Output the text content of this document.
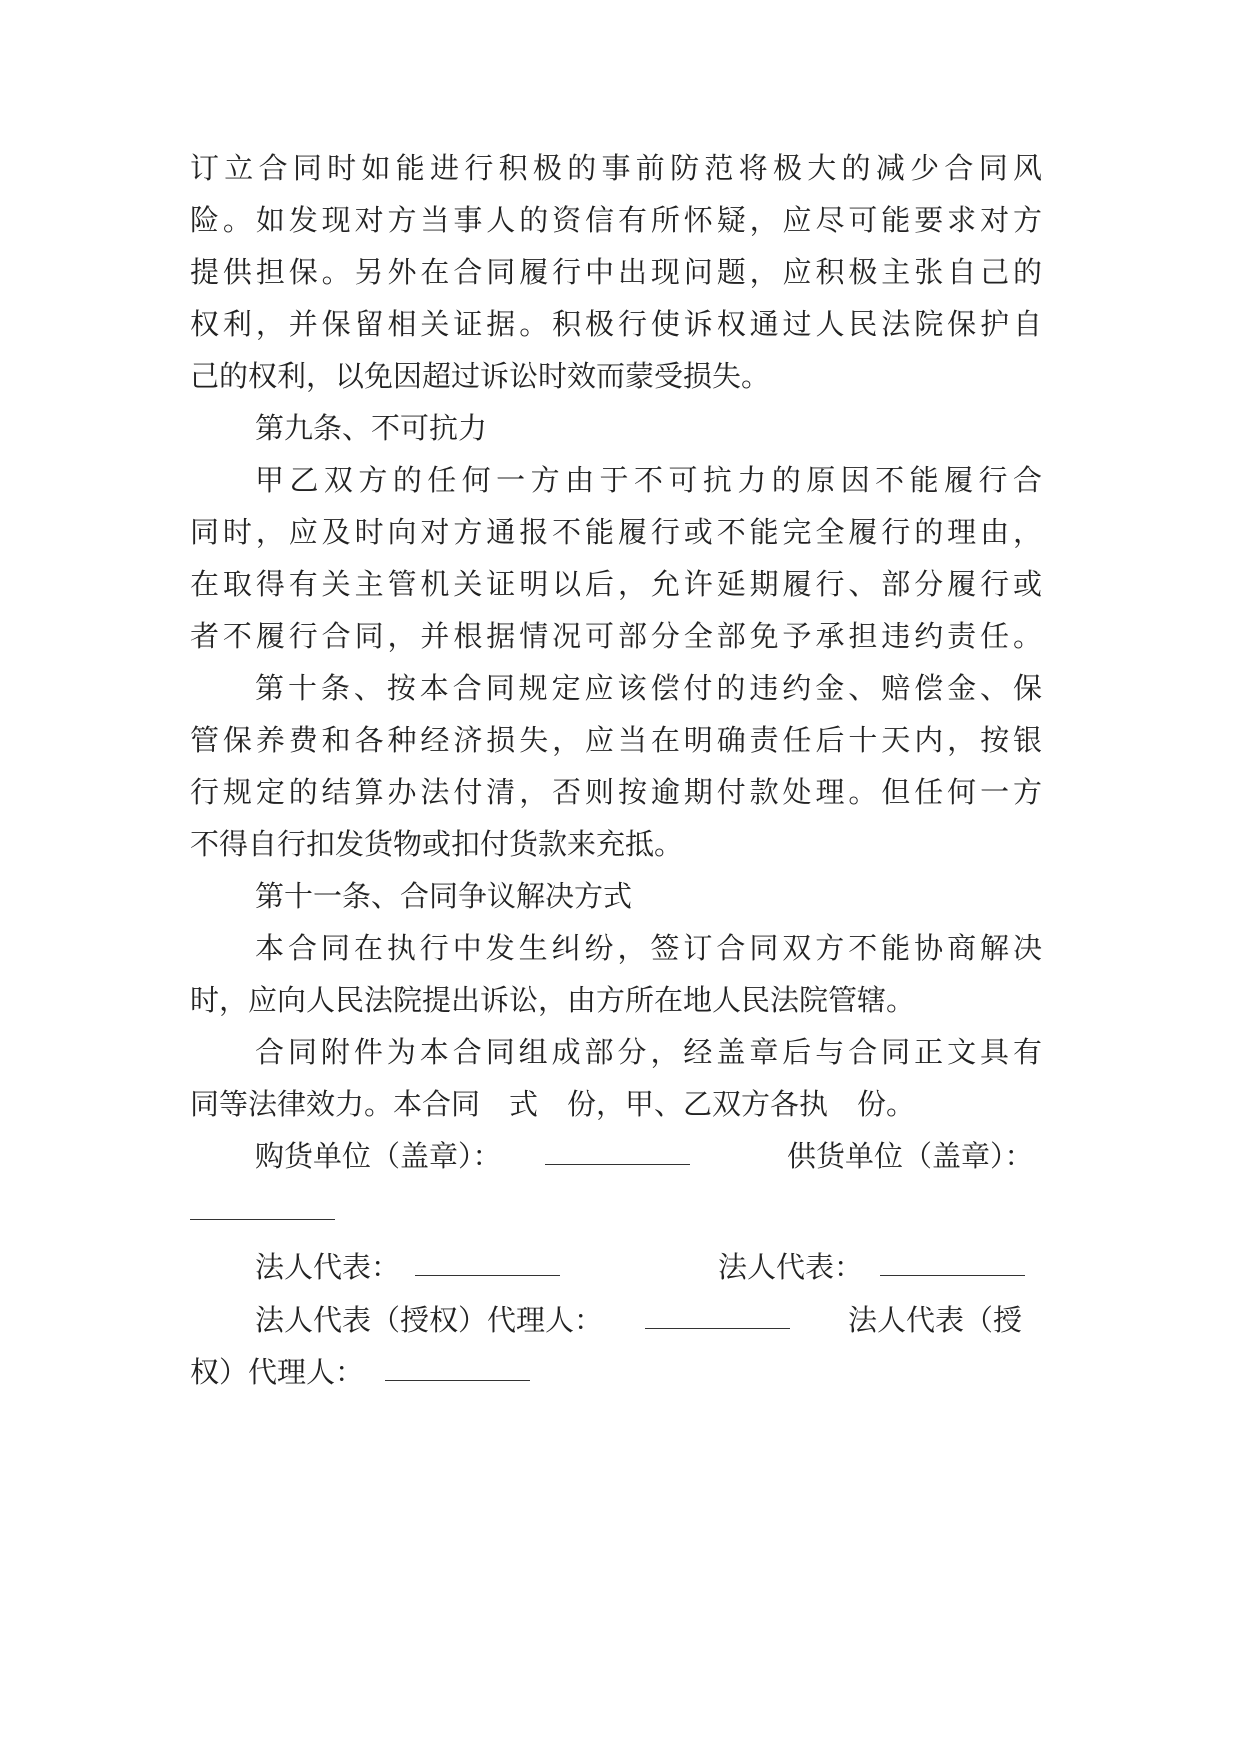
订立合同时如能进行积极的事前防范将极大的减少合同风
险。如发现对方当事人的资信有所怀疑，应尽可能要求对方
提供担保。另外在合同履行中出现问题，应积极主张自己的
权利，并保留相关证据。积极行使诉权通过人民法院保护自
己的权利，以免因超过诉讼时效而蒙受损失。
第九条、不可抗力
甲乙双方的任何一方由于不可抗力的原因不能履行合
同时，应及时向对方通报不能履行或不能完全履行的理由，
在取得有关主管机关证明以后，允许延期履行、部分履行或
者不履行合同，并根据情况可部分全部免予承担违约责任。
第十条、按本合同规定应该偿付的违约金、赔偿金、保
管保养费和各种经济损失，应当在明确责任后十天内，按银
行规定的结算办法付清，否则按逾期付款处理。但任何一方
不得自行扣发货物或扣付货款来充抵。
第十一条、合同争议解决方式
本合同在执行中发生纠纷，签订合同双方不能协商解决
时，应向人民法院提出诉讼，由方所在地人民法院管辖。
合同附件为本合同组成部分，经盖章后与合同正文具有
同等法律效力。本合同　式　份，甲、乙双方各执　份。
购货单位（盖章）：	供货单位（盖章）：
法人代表：	法人代表：
法人代表（授权）代理人：	法人代表（授
权）代理人：
